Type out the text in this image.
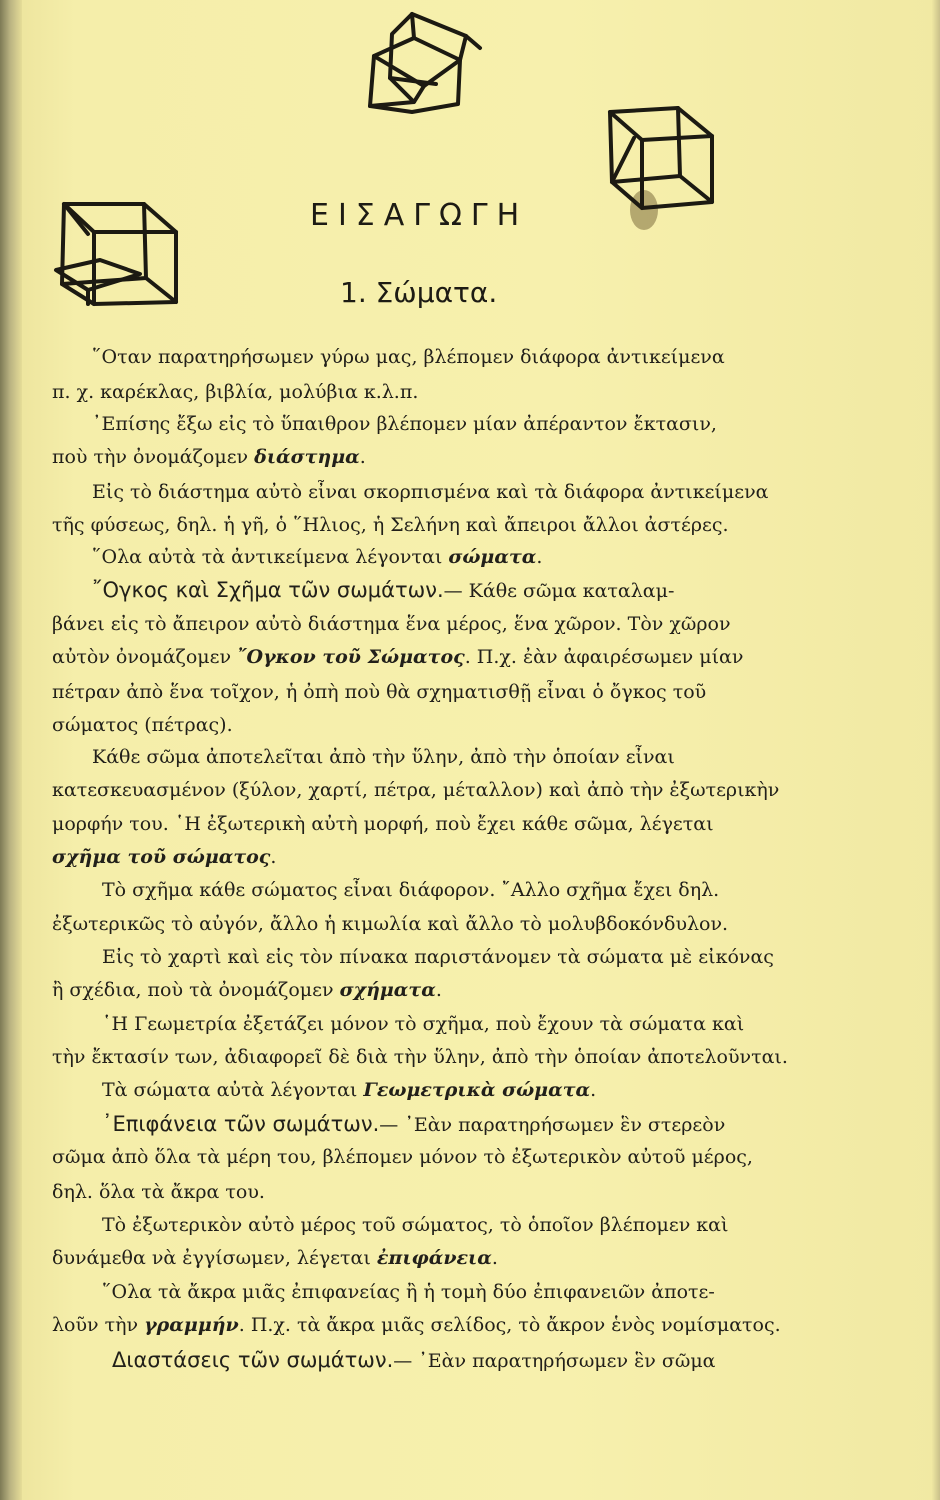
ΕΙΣΑΓΩΓΗ
1. Σώματα.
῞Οταν παρατηρήσωμεν γύρω μας, βλέπομεν διάφορα ἀντικείμενα
π. χ. καρέκλας, βιβλία, μολύβια κ.λ.π.
᾿Επίσης ἔξω εἰς τὸ ὕπαιθρον βλέπομεν μίαν ἀπέραντον ἔκτασιν,
ποὺ τὴν ὀνομάζομεν διάστημα.
Εἰς τὸ διάστημα αὐτὸ εἶναι σκορπισμένα καὶ τὰ διάφορα ἀντικείμενα
τῆς φύσεως, δηλ. ἡ γῆ, ὁ ῞Ηλιος, ἡ Σελήνη καὶ ἄπειροι ἄλλοι ἀστέρες.
῞Ολα αὐτὰ τὰ ἀντικείμενα λέγονται σώματα.
῎Ογκος καὶ Σχῆμα τῶν σωμάτων.— Κάθε σῶμα καταλαμ-
βάνει εἰς τὸ ἄπειρον αὐτὸ διάστημα ἕνα μέρος, ἕνα χῶρον. Τὸν χῶρον
αὐτὸν ὀνομάζομεν ῎Ογκον τοῦ Σώματος. Π.χ. ἐὰν ἀφαιρέσωμεν μίαν
πέτραν ἀπὸ ἕνα τοῖχον, ἡ ὀπὴ ποὺ θὰ σχηματισθῇ εἶναι ὁ ὄγκος τοῦ
σώματος (πέτρας).
Κάθε σῶμα ἀποτελεῖται ἀπὸ τὴν ὕλην, ἀπὸ τὴν ὁποίαν εἶναι
κατεσκευασμένον (ξύλον, χαρτί, πέτρα, μέταλλον) καὶ ἀπὸ τὴν ἐξωτερικὴν
μορφήν του. ῾Η ἐξωτερικὴ αὐτὴ μορφή, ποὺ ἔχει κάθε σῶμα, λέγεται
σχῆμα τοῦ σώματος.
Τὸ σχῆμα κάθε σώματος εἶναι διάφορον. ῎Αλλο σχῆμα ἔχει δηλ.
ἐξωτερικῶς τὸ αὐγόν, ἄλλο ἡ κιμωλία καὶ ἄλλο τὸ μολυβδοκόνδυλον.
Εἰς τὸ χαρτὶ καὶ εἰς τὸν πίνακα παριστάνομεν τὰ σώματα μὲ εἰκόνας
ἢ σχέδια, ποὺ τὰ ὀνομάζομεν σχήματα.
῾Η Γεωμετρία ἐξετάζει μόνον τὸ σχῆμα, ποὺ ἔχουν τὰ σώματα καὶ
τὴν ἔκτασίν των, ἀδιαφορεῖ δὲ διὰ τὴν ὕλην, ἀπὸ τὴν ὁποίαν ἀποτελοῦνται.
Τὰ σώματα αὐτὰ λέγονται Γεωμετρικὰ σώματα.
᾿Επιφάνεια τῶν σωμάτων.— ᾿Εὰν παρατηρήσωμεν ἓν στερεὸν
σῶμα ἀπὸ ὅλα τὰ μέρη του, βλέπομεν μόνον τὸ ἐξωτερικὸν αὐτοῦ μέρος,
δηλ. ὅλα τὰ ἄκρα του.
Τὸ ἐξωτερικὸν αὐτὸ μέρος τοῦ σώματος, τὸ ὁποῖον βλέπομεν καὶ
δυνάμεθα νὰ ἐγγίσωμεν, λέγεται ἐπιφάνεια.
῞Ολα τὰ ἄκρα μιᾶς ἐπιφανείας ἢ ἡ τομὴ δύο ἐπιφανειῶν ἀποτε-
λοῦν τὴν γραμμήν. Π.χ. τὰ ἄκρα μιᾶς σελίδος, τὸ ἄκρον ἑνὸς νομίσματος.
Διαστάσεις τῶν σωμάτων.— ᾿Εὰν παρατηρήσωμεν ἓν σῶμα
